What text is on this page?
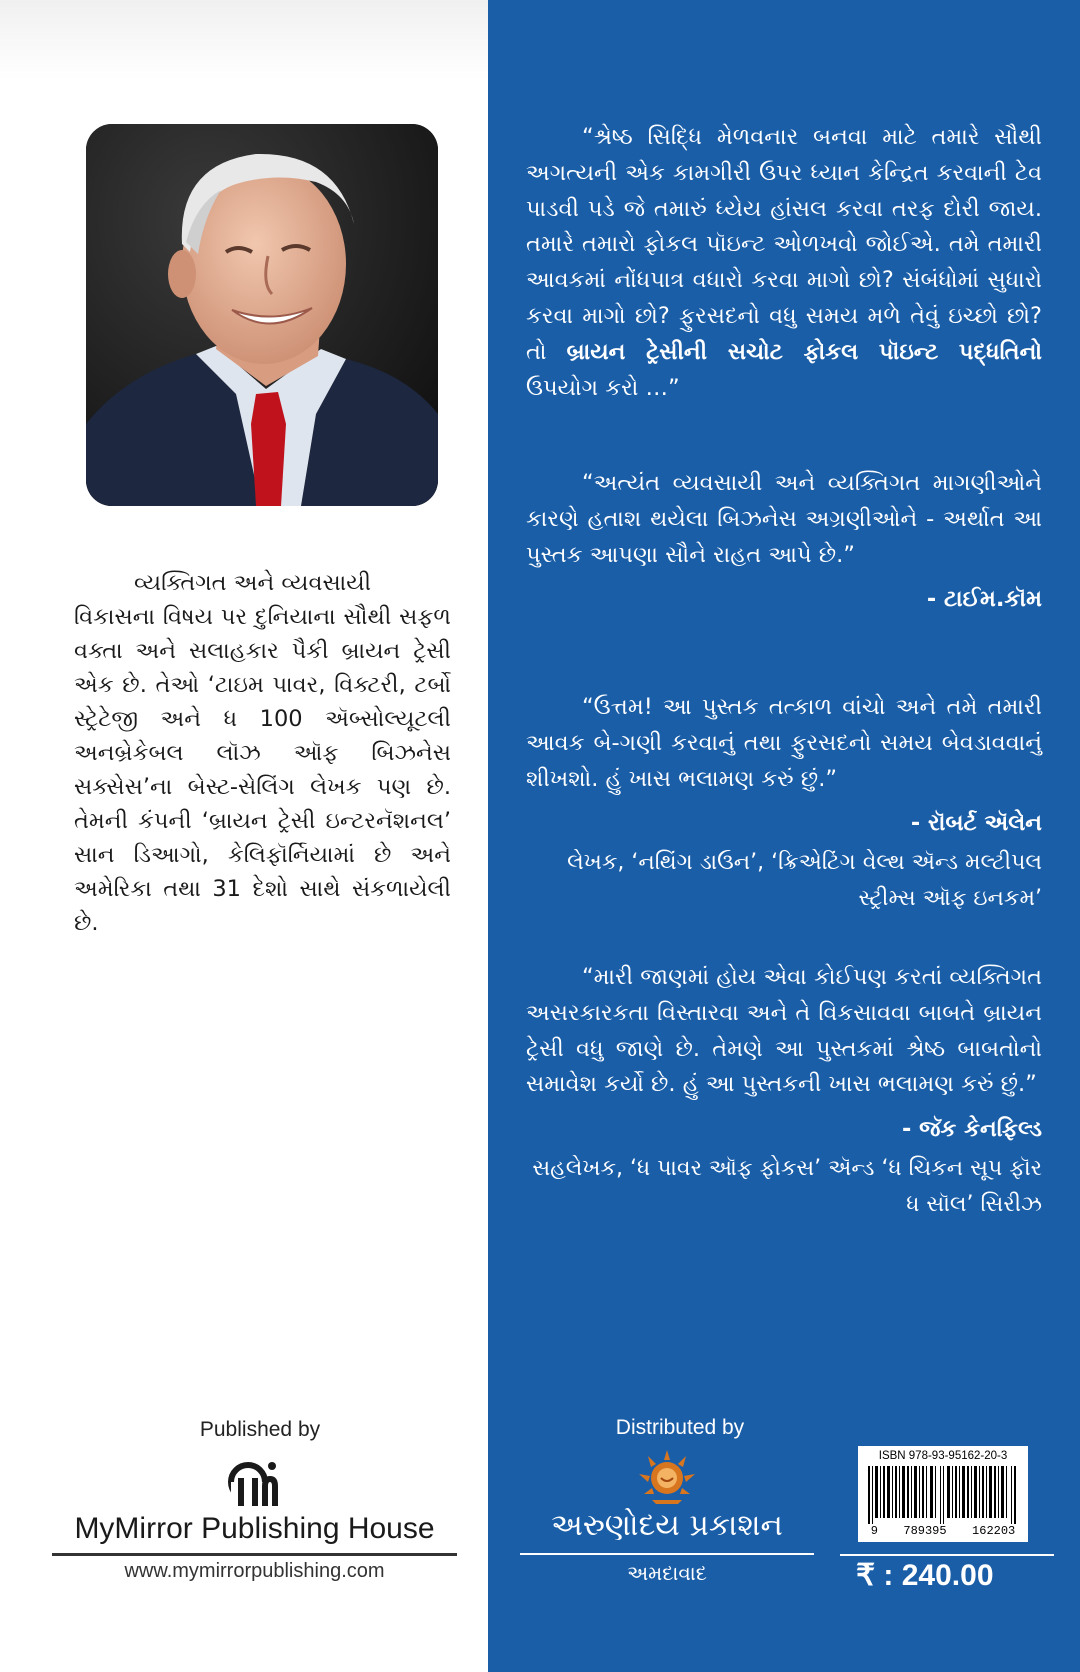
વ્યક્તિગત અને વ્યવસાયી
વિકાસના વિષય પર દુનિયાના સૌથી સફળ વક્તા અને સલાહકાર પૈકી બ્રાયન ટ્રેસી એક છે. તેઓ ‘ટાઇમ પાવર, વિક્ટરી, ટર્બો સ્ટ્રેટેજી અને ધ 100 ઍબ્સોલ્યૂટલી અનબ્રેકેબલ લૉઝ ઑફ બિઝનેસ સક્સેસ’ના બેસ્ટ-સેલિંગ લેખક પણ છે. તેમની કંપની ‘બ્રાયન ટ્રેસી ઇન્ટરનૅશનલ’ સાન ડિઆગો, કેલિફૉર્નિયામાં છે અને અમેરિકા તથા 31 દેશો સાથે સંકળાયેલી છે.

◆	“શ્રેષ્ઠ સિદ્ધિ મેળવનાર બનવા માટે તમારે સૌથી અગત્યની એક કામગીરી ઉપર ધ્યાન કેન્દ્રિત કરવાની ટેવ પાડવી પડે જે તમારું ધ્યેય હાંસલ કરવા તરફ દોરી જાય. તમારે તમારો ફોકલ પૉઇન્ટ ઓળખવો જોઈએ. તમે તમારી આવકમાં નોંધપાત્ર વધારો કરવા માગો છો? સંબંધોમાં સુધારો કરવા માગો છો? ફુરસદનો વધુ સમય મળે તેવું ઇચ્છો છો? તો બ્રાયન ટ્રેસીની સચોટ ફોકલ પૉઇન્ટ પદ્ધતિનો ઉપયોગ કરો …”

◆	“અત્યંત વ્યવસાયી અને વ્યક્તિગત માગણીઓને કારણે હતાશ થયેલા બિઝનેસ અગ્રણીઓને - અર્થાત આ પુસ્તક આપણા સૌને રાહત આપે છે.”

- ટાઈમ.કૉમ

◆	“ઉત્તમ! આ પુસ્તક તત્કાળ વાંચો અને તમે તમારી આવક બે-ગણી કરવાનું તથા ફુરસદનો સમય બેવડાવવાનું શીખશો. હું ખાસ ભલામણ કરું છું.”

- રૉબર્ટ ઍલેન
લેખક, ‘નથિંગ ડાઉન’, ‘ક્રિએટિંગ વેલ્થ ઍન્ડ મલ્ટીપલ સ્ટ્રીમ્સ ઑફ ઇનકમ’

◆	“મારી જાણમાં હોય એવા કોઈપણ કરતાં વ્યક્તિગત અસરકારકતા વિસ્તારવા અને તે વિકસાવવા બાબતે બ્રાયન ટ્રેસી વધુ જાણે છે. તેમણે આ પુસ્તકમાં શ્રેષ્ઠ બાબતોનો સમાવેશ કર્યો છે. હું આ પુસ્તકની ખાસ ભલામણ કરું છું.”

- જૅક કેનફિલ્ડ
સહલેખક, ‘ધ પાવર ઑફ ફોકસ’ ઍન્ડ ‘ધ ચિકન સૂપ ફૉર ધ સૉલ’ સિરીઝ
Published by
MyMirror Publishing House
www.mymirrorpublishing.com
Distributed by
અરુણોદય પ્રકાશન
અમદાવાદ
ISBN 978-93-95162-20-3
9 789395 162203
₹ : 240.00
